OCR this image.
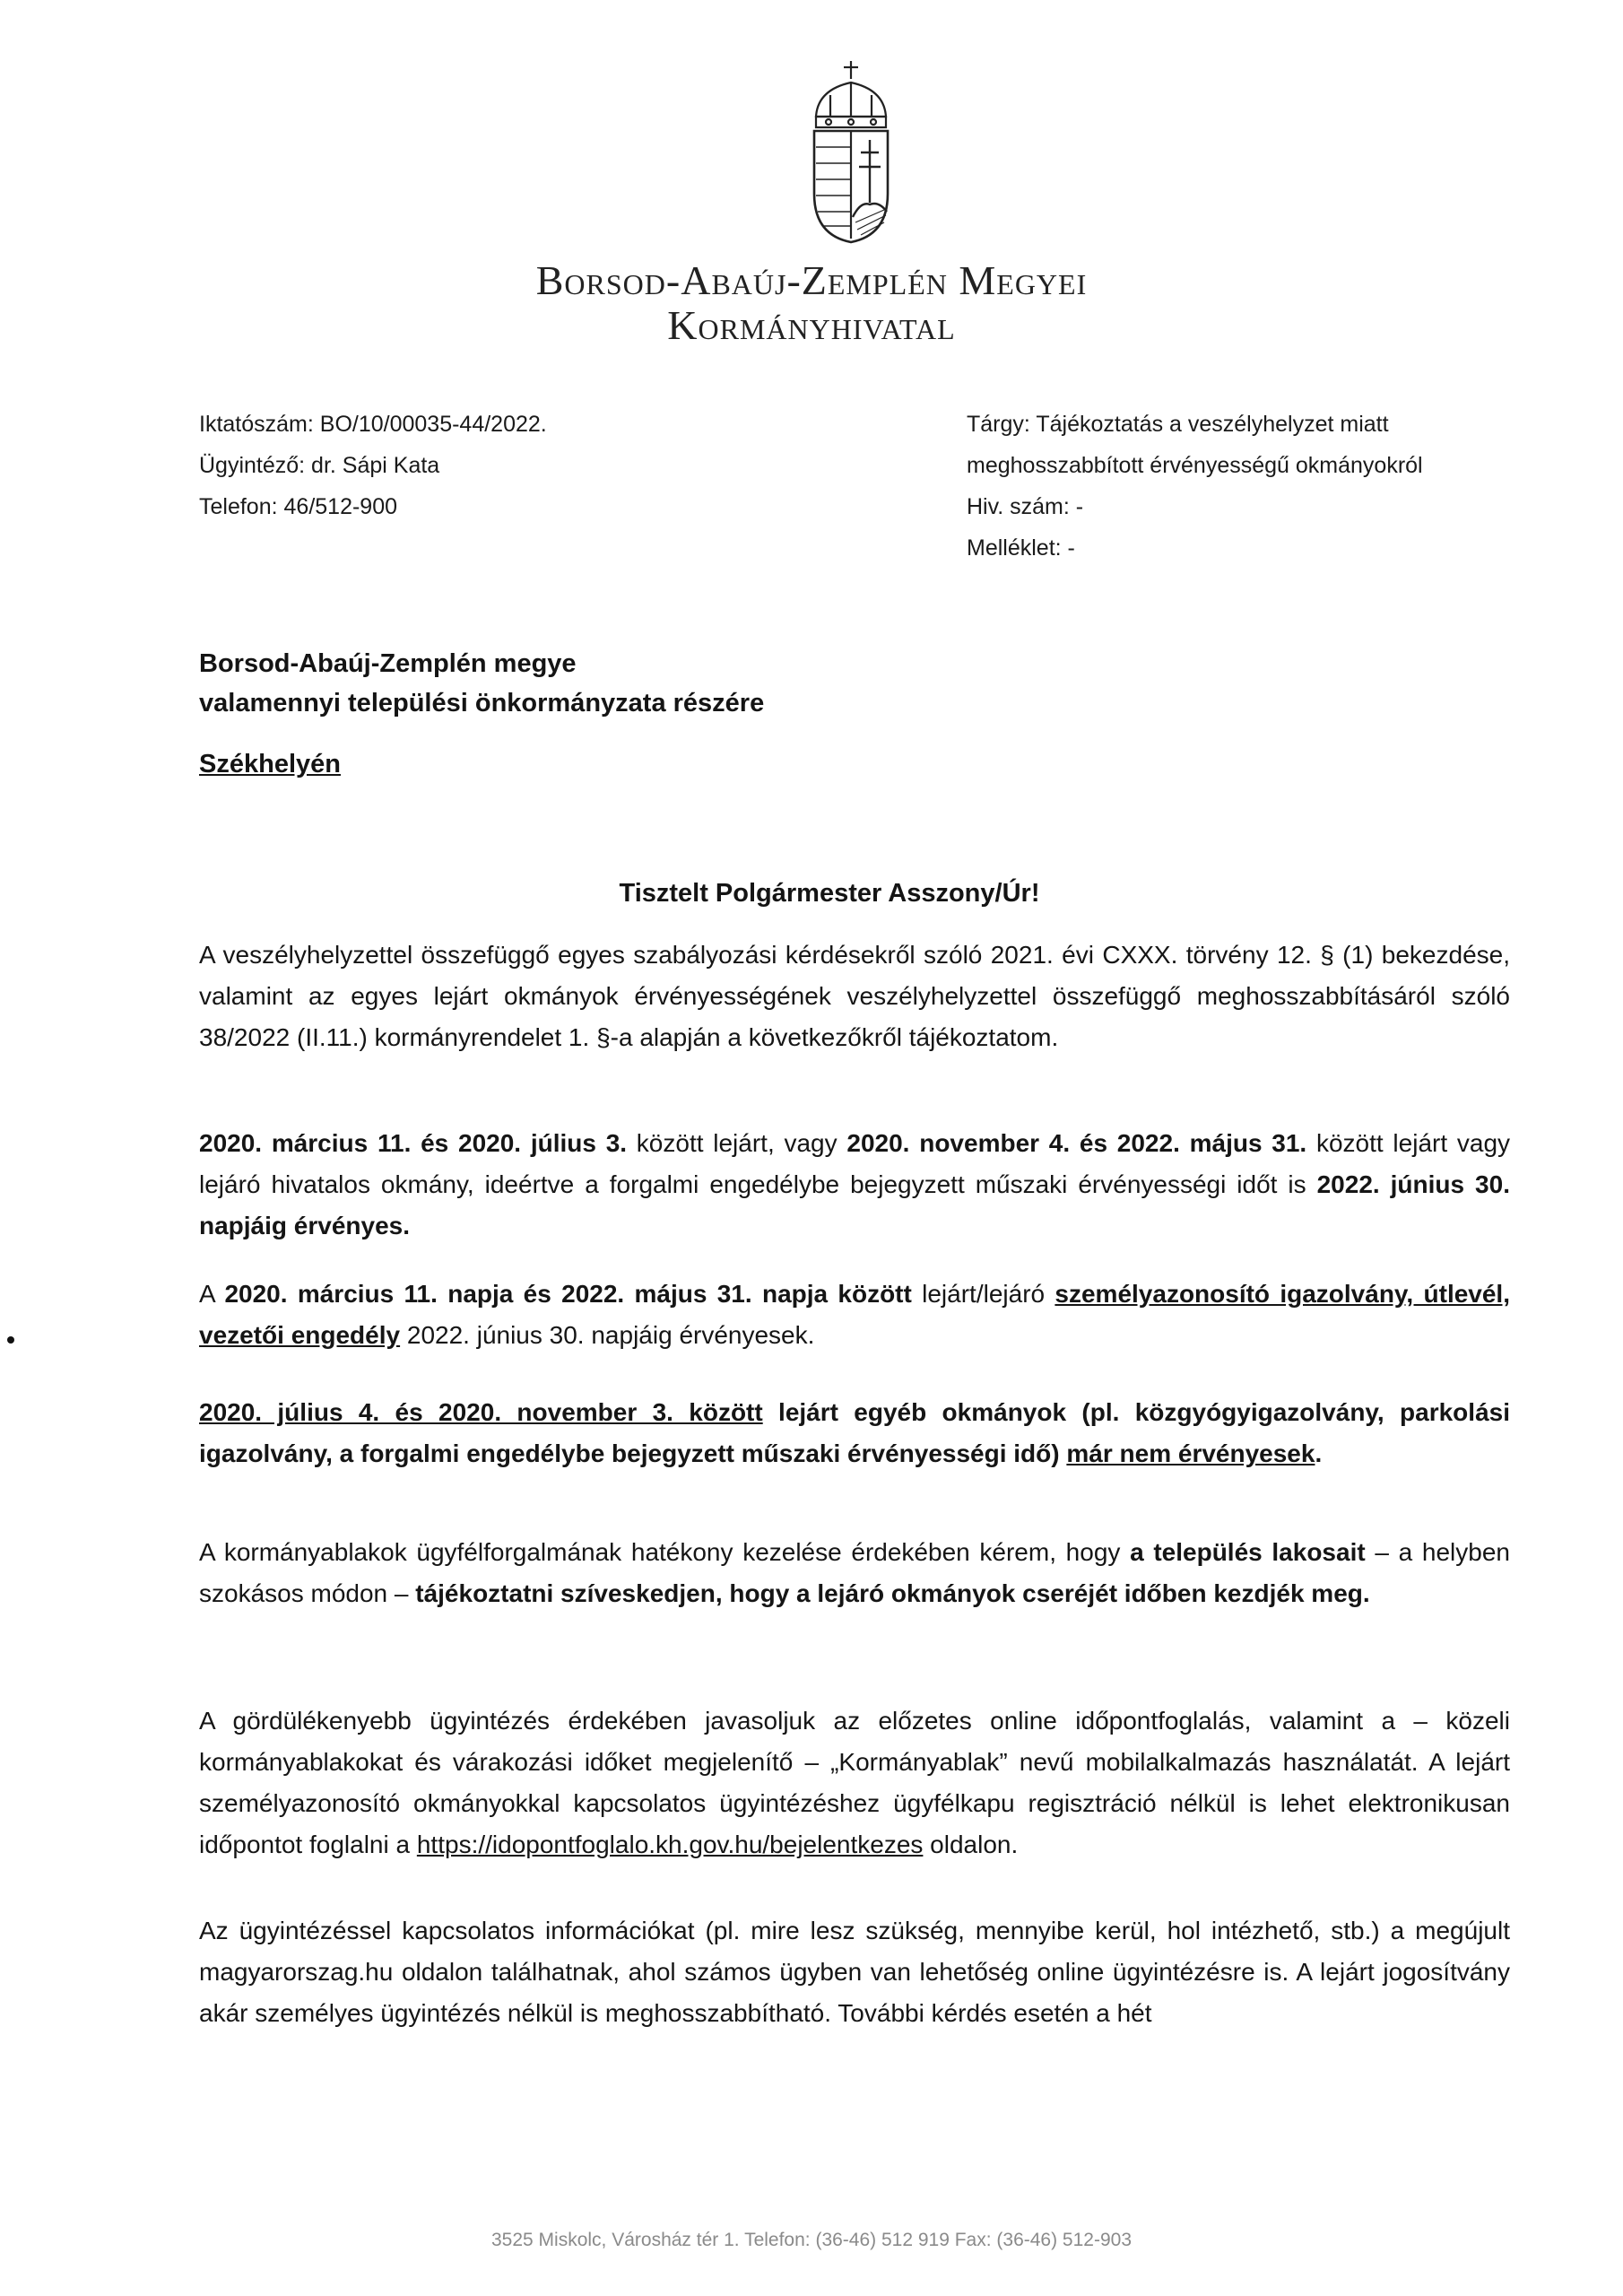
Borsod-Abaúj-Zemplén Megyei
Kormányhivatal
Iktatószám: BO/10/00035-44/2022.
Ügyintéző: dr. Sápi Kata
Telefon: 46/512-900
Tárgy: Tájékoztatás a veszélyhelyzet miatt
meghosszabbított érvényességű okmányokról
Hiv. szám: -
Melléklet: -
Borsod-Abaúj-Zemplén megye
valamennyi települési önkormányzata részére
Székhelyén
Tisztelt Polgármester Asszony/Úr!
A veszélyhelyzettel összefüggő egyes szabályozási kérdésekről szóló 2021. évi CXXX. törvény 12. § (1) bekezdése, valamint az egyes lejárt okmányok érvényességének veszélyhelyzettel összefüggő meghosszabbításáról szóló 38/2022 (II.11.) kormányrendelet 1. §-a alapján a következőkről tájékoztatom.
2020. március 11. és 2020. július 3. között lejárt, vagy 2020. november 4. és 2022. május 31. között lejárt vagy lejáró hivatalos okmány, ideértve a forgalmi engedélybe bejegyzett műszaki érvényességi időt is 2022. június 30. napjáig érvényes.
A 2020. március 11. napja és 2022. május 31. napja között lejárt/lejáró személyazonosító igazolvány, útlevél, vezetői engedély 2022. június 30. napjáig érvényesek.
2020. július 4. és 2020. november 3. között lejárt egyéb okmányok (pl. közgyógyigazolvány, parkolási igazolvány, a forgalmi engedélybe bejegyzett műszaki érvényességi idő) már nem érvényesek.
A kormányablakok ügyfélforgalmának hatékony kezelése érdekében kérem, hogy a település lakosait – a helyben szokásos módon – tájékoztatni szíveskedjen, hogy a lejáró okmányok cseréjét időben kezdjék meg.
A gördülékenyebb ügyintézés érdekében javasoljuk az előzetes online időpontfoglalás, valamint a – közeli kormányablakokat és várakozási időket megjelenítő – „Kormányablak” nevű mobilalkalmazás használatát. A lejárt személyazonosító okmányokkal kapcsolatos ügyintézéshez ügyfélkapu regisztráció nélkül is lehet elektronikusan időpontot foglalni a https://idopontfoglalo.kh.gov.hu/bejelentkezes oldalon.
Az ügyintézéssel kapcsolatos információkat (pl. mire lesz szükség, mennyibe kerül, hol intézhető, stb.) a megújult magyarorszag.hu oldalon találhatnak, ahol számos ügyben van lehetőség online ügyintézésre is. A lejárt jogosítvány akár személyes ügyintézés nélkül is meghosszabbítható. További kérdés esetén a hét
3525 Miskolc, Városház tér 1. Telefon: (36-46) 512 919 Fax: (36-46) 512-903
